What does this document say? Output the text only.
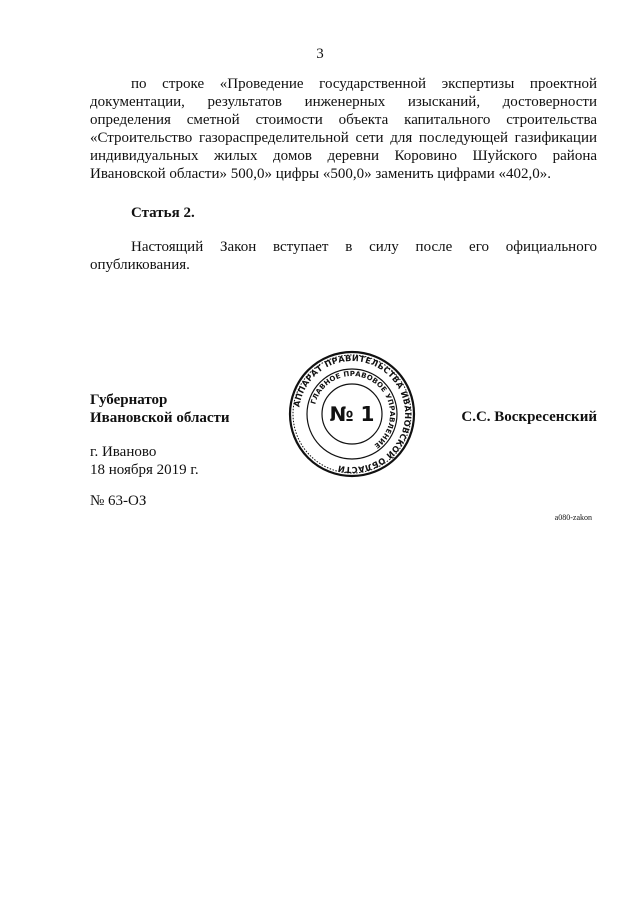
3
по строке «Проведение государственной экспертизы проектной документации, результатов инженерных изысканий, достоверности определения сметной стоимости объекта капитального строительства «Строительство газораспределительной сети для последующей газификации индивидуальных жилых домов деревни Коровино Шуйского района Ивановской области» 500,0» цифры «500,0» заменить цифрами «402,0».
Статья 2.
Настоящий Закон вступает в силу после его официального опубликования.
Губернатор
Ивановской области
АППАРАТ ПРАВИТЕЛЬСТВА ИВАНОВСКОЙ ОБЛАСТИ
ГЛАВНОЕ ПРАВОВОЕ УПРАВЛЕНИЕ
№ 1	С.С. Воскресенский
г. Иваново
18 ноября 2019 г.
№ 63-ОЗ
a080-zakon
